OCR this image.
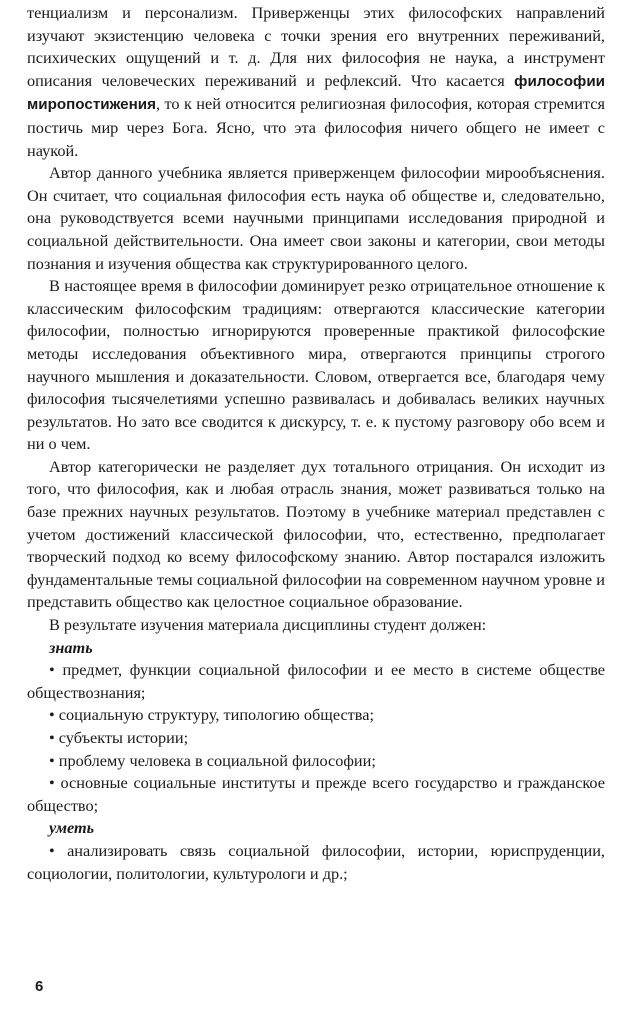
тенциализм и персонализм. Приверженцы этих философских направлений изучают экзистенцию человека с точки зрения его внутренних переживаний, психических ощущений и т. д. Для них философия не наука, а инструмент описания человеческих переживаний и рефлексий. Что касается философии миропостижения, то к ней относится религиозная философия, которая стремится постичь мир через Бога. Ясно, что эта философия ничего общего не имеет с наукой.

Автор данного учебника является приверженцем философии мирообъяснения. Он считает, что социальная философия есть наука об обществе и, следовательно, она руководствуется всеми научными принципами исследования природной и социальной действительности. Она имеет свои законы и категории, свои методы познания и изучения общества как структурированного целого.

В настоящее время в философии доминирует резко отрицательное отношение к классическим философским традициям: отвергаются классические категории философии, полностью игнорируются проверенные практикой философские методы исследования объективного мира, отвергаются принципы строгого научного мышления и доказательности. Словом, отвергается все, благодаря чему философия тысячелетиями успешно развивалась и добивалась великих научных результатов. Но зато все сводится к дискурсу, т. е. к пустому разговору обо всем и ни о чем.

Автор категорически не разделяет дух тотального отрицания. Он исходит из того, что философия, как и любая отрасль знания, может развиваться только на базе прежних научных результатов. Поэтому в учебнике материал представлен с учетом достижений классической философии, что, естественно, предполагает творческий подход ко всему философскому знанию. Автор постарался изложить фундаментальные темы социальной философии на современном научном уровне и представить общество как целостное социальное образование.

В результате изучения материала дисциплины студент должен:

знать

• предмет, функции социальной философии и ее место в системе обществе обществознания;

• социальную структуру, типологию общества;

• субъекты истории;

• проблему человека в социальной философии;

• основные социальные институты и прежде всего государство и гражданское общество;

уметь

• анализировать связь социальной философии, истории, юриспруденции, социологии, политологии, культурологи и др.;

6
